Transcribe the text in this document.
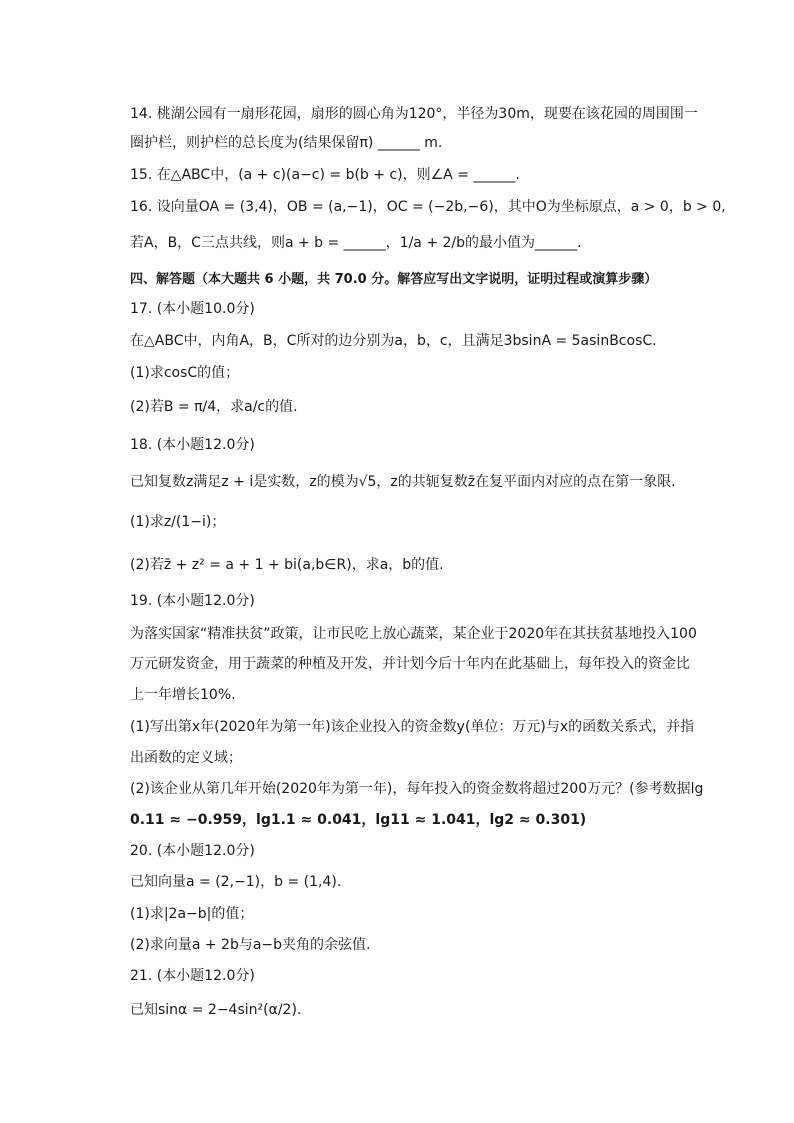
14. 桃湖公园有一扇形花园，扇形的圆心角为120°，半径为30m，现要在该花园的周围围一
圈护栏，则护栏的总长度为(结果保留π) ______ m.
15. 在△ABC中，(a + c)(a−c) = b(b + c)，则∠A = ______.
16. 设向量OA = (3,4)，OB = (a,−1)，OC = (−2b,−6)，其中O为坐标原点，a > 0，b > 0,
若A，B，C三点共线，则a + b = ______，1/a + 2/b的最小值为______.
四、解答题（本大题共 6 小题，共 70.0 分。解答应写出文字说明，证明过程或演算步骤）
17. (本小题10.0分)
在△ABC中，内角A，B，C所对的边分别为a，b，c，且满足3bsinA = 5asinBcosC.
(1)求cosC的值；
(2)若B = π/4，求a/c的值.
18. (本小题12.0分)
已知复数z满足z + i是实数，z的模为√5，z的共轭复数z̄在复平面内对应的点在第一象限.
(1)求z/(1−i)；
(2)若z̄ + z² = a + 1 + bi(a,b∈R)，求a，b的值.
19. (本小题12.0分)
为落实国家“精准扶贫”政策，让市民吃上放心蔬菜，某企业于2020年在其扶贫基地投入100
万元研发资金，用于蔬菜的种植及开发，并计划今后十年内在此基础上，每年投入的资金比
上一年增长10%.
(1)写出第x年(2020年为第一年)该企业投入的资金数y(单位：万元)与x的函数关系式，并指
出函数的定义域；
(2)该企业从第几年开始(2020年为第一年)，每年投入的资金数将超过200万元？(参考数据lg
0.11 ≈ −0.959，lg1.1 ≈ 0.041，lg11 ≈ 1.041，lg2 ≈ 0.301)
20. (本小题12.0分)
已知向量a = (2,−1)，b = (1,4).
(1)求|2a−b|的值；
(2)求向量a + 2b与a−b夹角的余弦值.
21. (本小题12.0分)
已知sinα = 2−4sin²(α/2).
